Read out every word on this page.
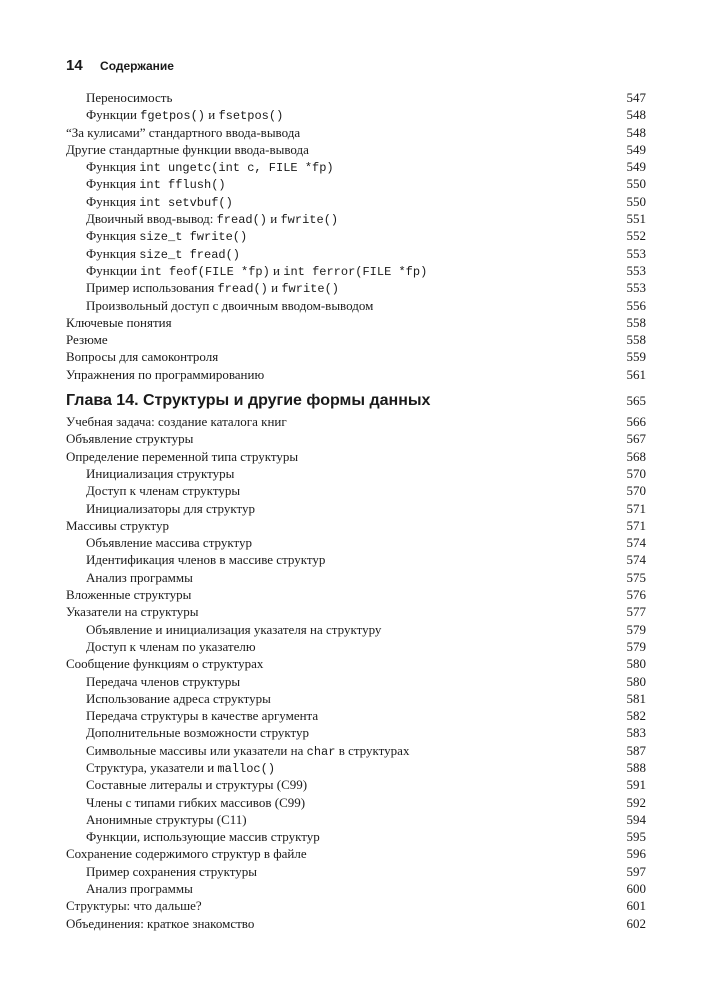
14 Содержание
Переносимость	547
Функции fgetpos() и fsetpos()	548
“За кулисами” стандартного ввода-вывода	548
Другие стандартные функции ввода-вывода	549
Функция int ungetc(int c, FILE *fp)	549
Функция int fflush()	550
Функция int setvbuf()	550
Двоичный ввод-вывод: fread() и fwrite()	551
Функция size_t fwrite()	552
Функция size_t fread()	553
Функции int feof(FILE *fp) и int ferror(FILE *fp)	553
Пример использования fread() и fwrite()	553
Произвольный доступ с двоичным вводом-выводом	556
Ключевые понятия	558
Резюме	558
Вопросы для самоконтроля	559
Упражнения по программированию	561
Глава 14. Структуры и другие формы данных	565
Учебная задача: создание каталога книг	566
Объявление структуры	567
Определение переменной типа структуры	568
Инициализация структуры	570
Доступ к членам структуры	570
Инициализаторы для структур	571
Массивы структур	571
Объявление массива структур	574
Идентификация членов в массиве структур	574
Анализ программы	575
Вложенные структуры	576
Указатели на структуры	577
Объявление и инициализация указателя на структуру	579
Доступ к членам по указателю	579
Сообщение функциям о структурах	580
Передача членов структуры	580
Использование адреса структуры	581
Передача структуры в качестве аргумента	582
Дополнительные возможности структур	583
Символьные массивы или указатели на char в структурах	587
Структура, указатели и malloc()	588
Составные литералы и структуры (C99)	591
Члены с типами гибких массивов (C99)	592
Анонимные структуры (C11)	594
Функции, использующие массив структур	595
Сохранение содержимого структур в файле	596
Пример сохранения структуры	597
Анализ программы	600
Структуры: что дальше?	601
Объединения: краткое знакомство	602
